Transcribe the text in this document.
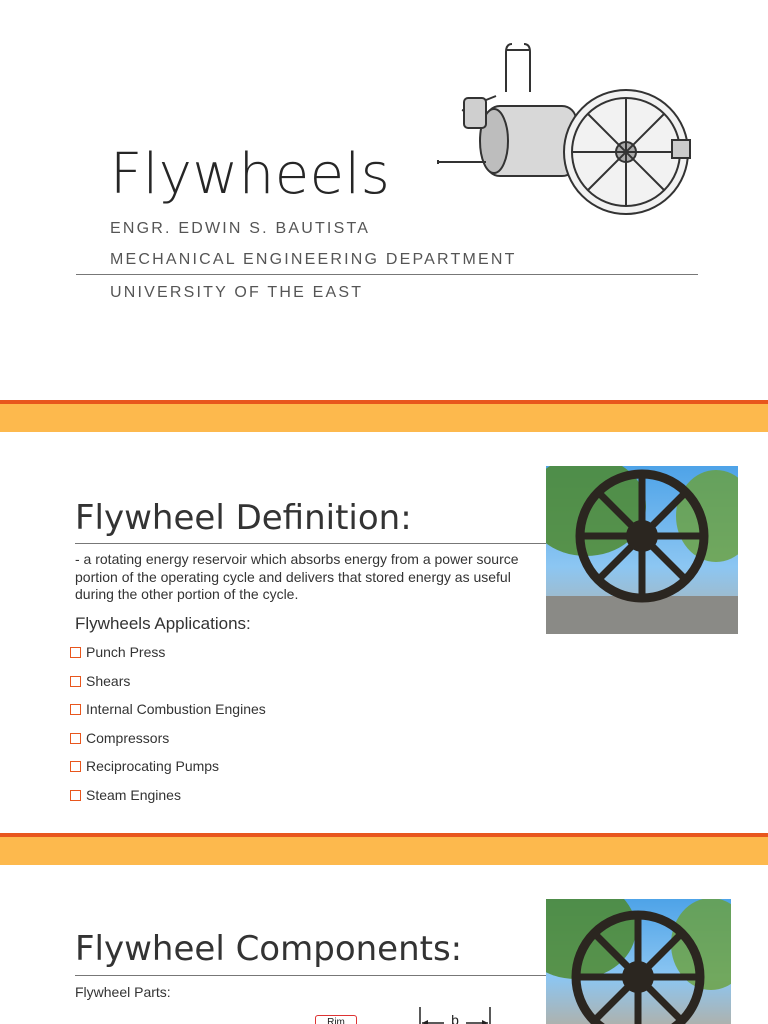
Flywheels

ENGR. EDWIN S. BAUTISTA

MECHANICAL ENGINEERING DEPARTMENT

UNIVERSITY OF THE EAST

Flywheel Definition:

- a rotating energy reservoir which absorbs energy from a power source portion of the operating cycle and delivers that stored energy as useful during the other portion of the cycle.

Flywheels Applications:

Punch Press
Shears
Internal Combustion Engines
Compressors
Reciprocating Pumps
Steam Engines
Flywheel Components:

Flywheel Parts:

Rim	b
